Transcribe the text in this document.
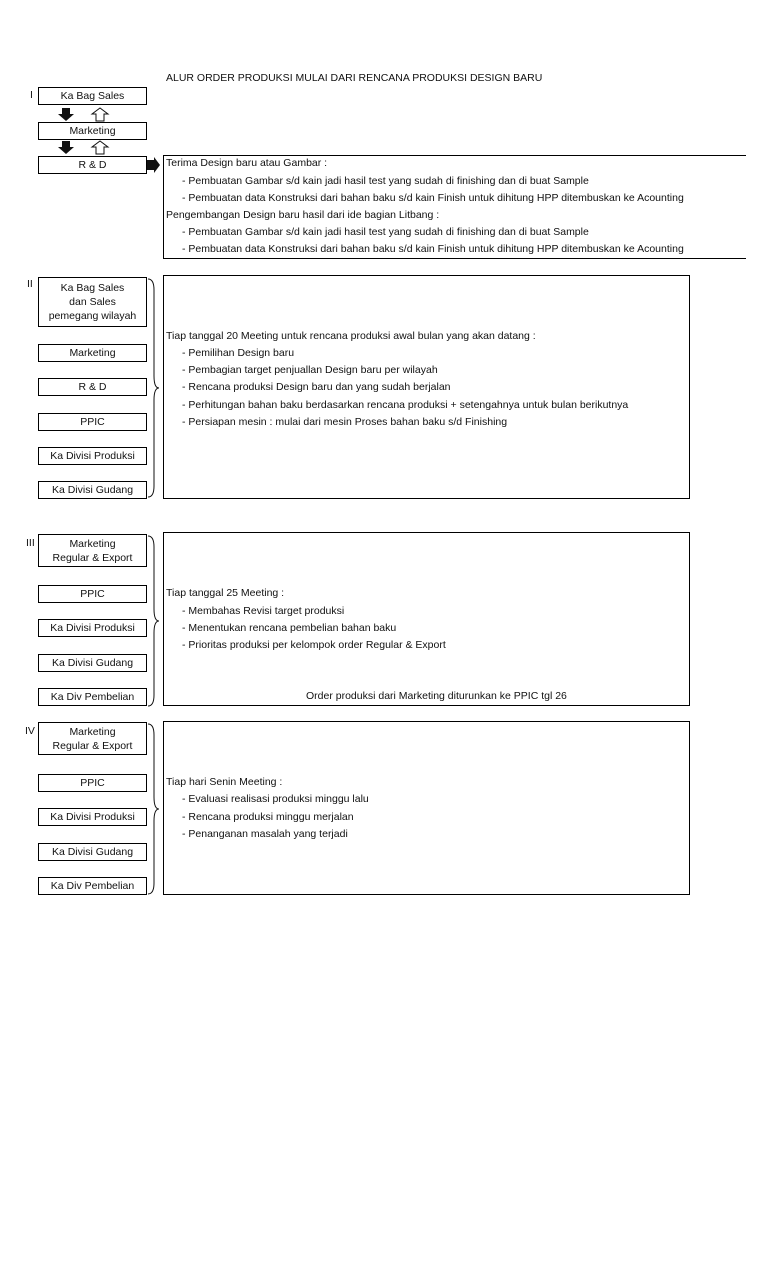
ALUR ORDER PRODUKSI MULAI DARI RENCANA PRODUKSI DESIGN BARU
I	Ka Bag Sales
Marketing
R & D	Terima Design baru atau Gambar :
- Pembuatan Gambar s/d kain jadi hasil test yang sudah di finishing dan di buat Sample
- Pembuatan data Konstruksi dari bahan baku s/d kain Finish untuk dihitung HPP ditembuskan ke Acounting
Pengembangan Design baru hasil dari ide bagian Litbang :
- Pembuatan Gambar s/d kain jadi hasil test yang sudah di finishing dan di buat Sample
- Pembuatan data Konstruksi dari bahan baku s/d kain Finish untuk dihitung HPP ditembuskan ke Acounting
II	Ka Bag Sales
dan Sales
pemegang wilayah
Marketing
R & D
PPIC
Ka Divisi Produksi
Ka Divisi Gudang
Tiap tanggal 20 Meeting untuk rencana produksi awal bulan yang akan datang :
- Pemilihan Design baru
- Pembagian target penjuallan Design baru per wilayah
- Rencana produksi Design baru dan yang sudah berjalan
- Perhitungan bahan baku berdasarkan rencana produksi + setengahnya untuk bulan berikutnya
- Persiapan mesin : mulai dari mesin Proses bahan baku s/d Finishing
III	Marketing
Regular & Export
PPIC
Ka Divisi Produksi
Ka Divisi Gudang
Ka Div Pembelian
Tiap tanggal 25 Meeting :
- Membahas Revisi target produksi
- Menentukan rencana pembelian bahan baku
- Prioritas produksi per kelompok order Regular & Export
Order produksi dari Marketing diturunkan ke PPIC tgl 26
IV	Marketing
Regular & Export
PPIC
Ka Divisi Produksi
Ka Divisi Gudang
Ka Div Pembelian
Tiap hari Senin Meeting :
- Evaluasi realisasi produksi minggu lalu
- Rencana produksi minggu merjalan
- Penanganan masalah yang terjadi
